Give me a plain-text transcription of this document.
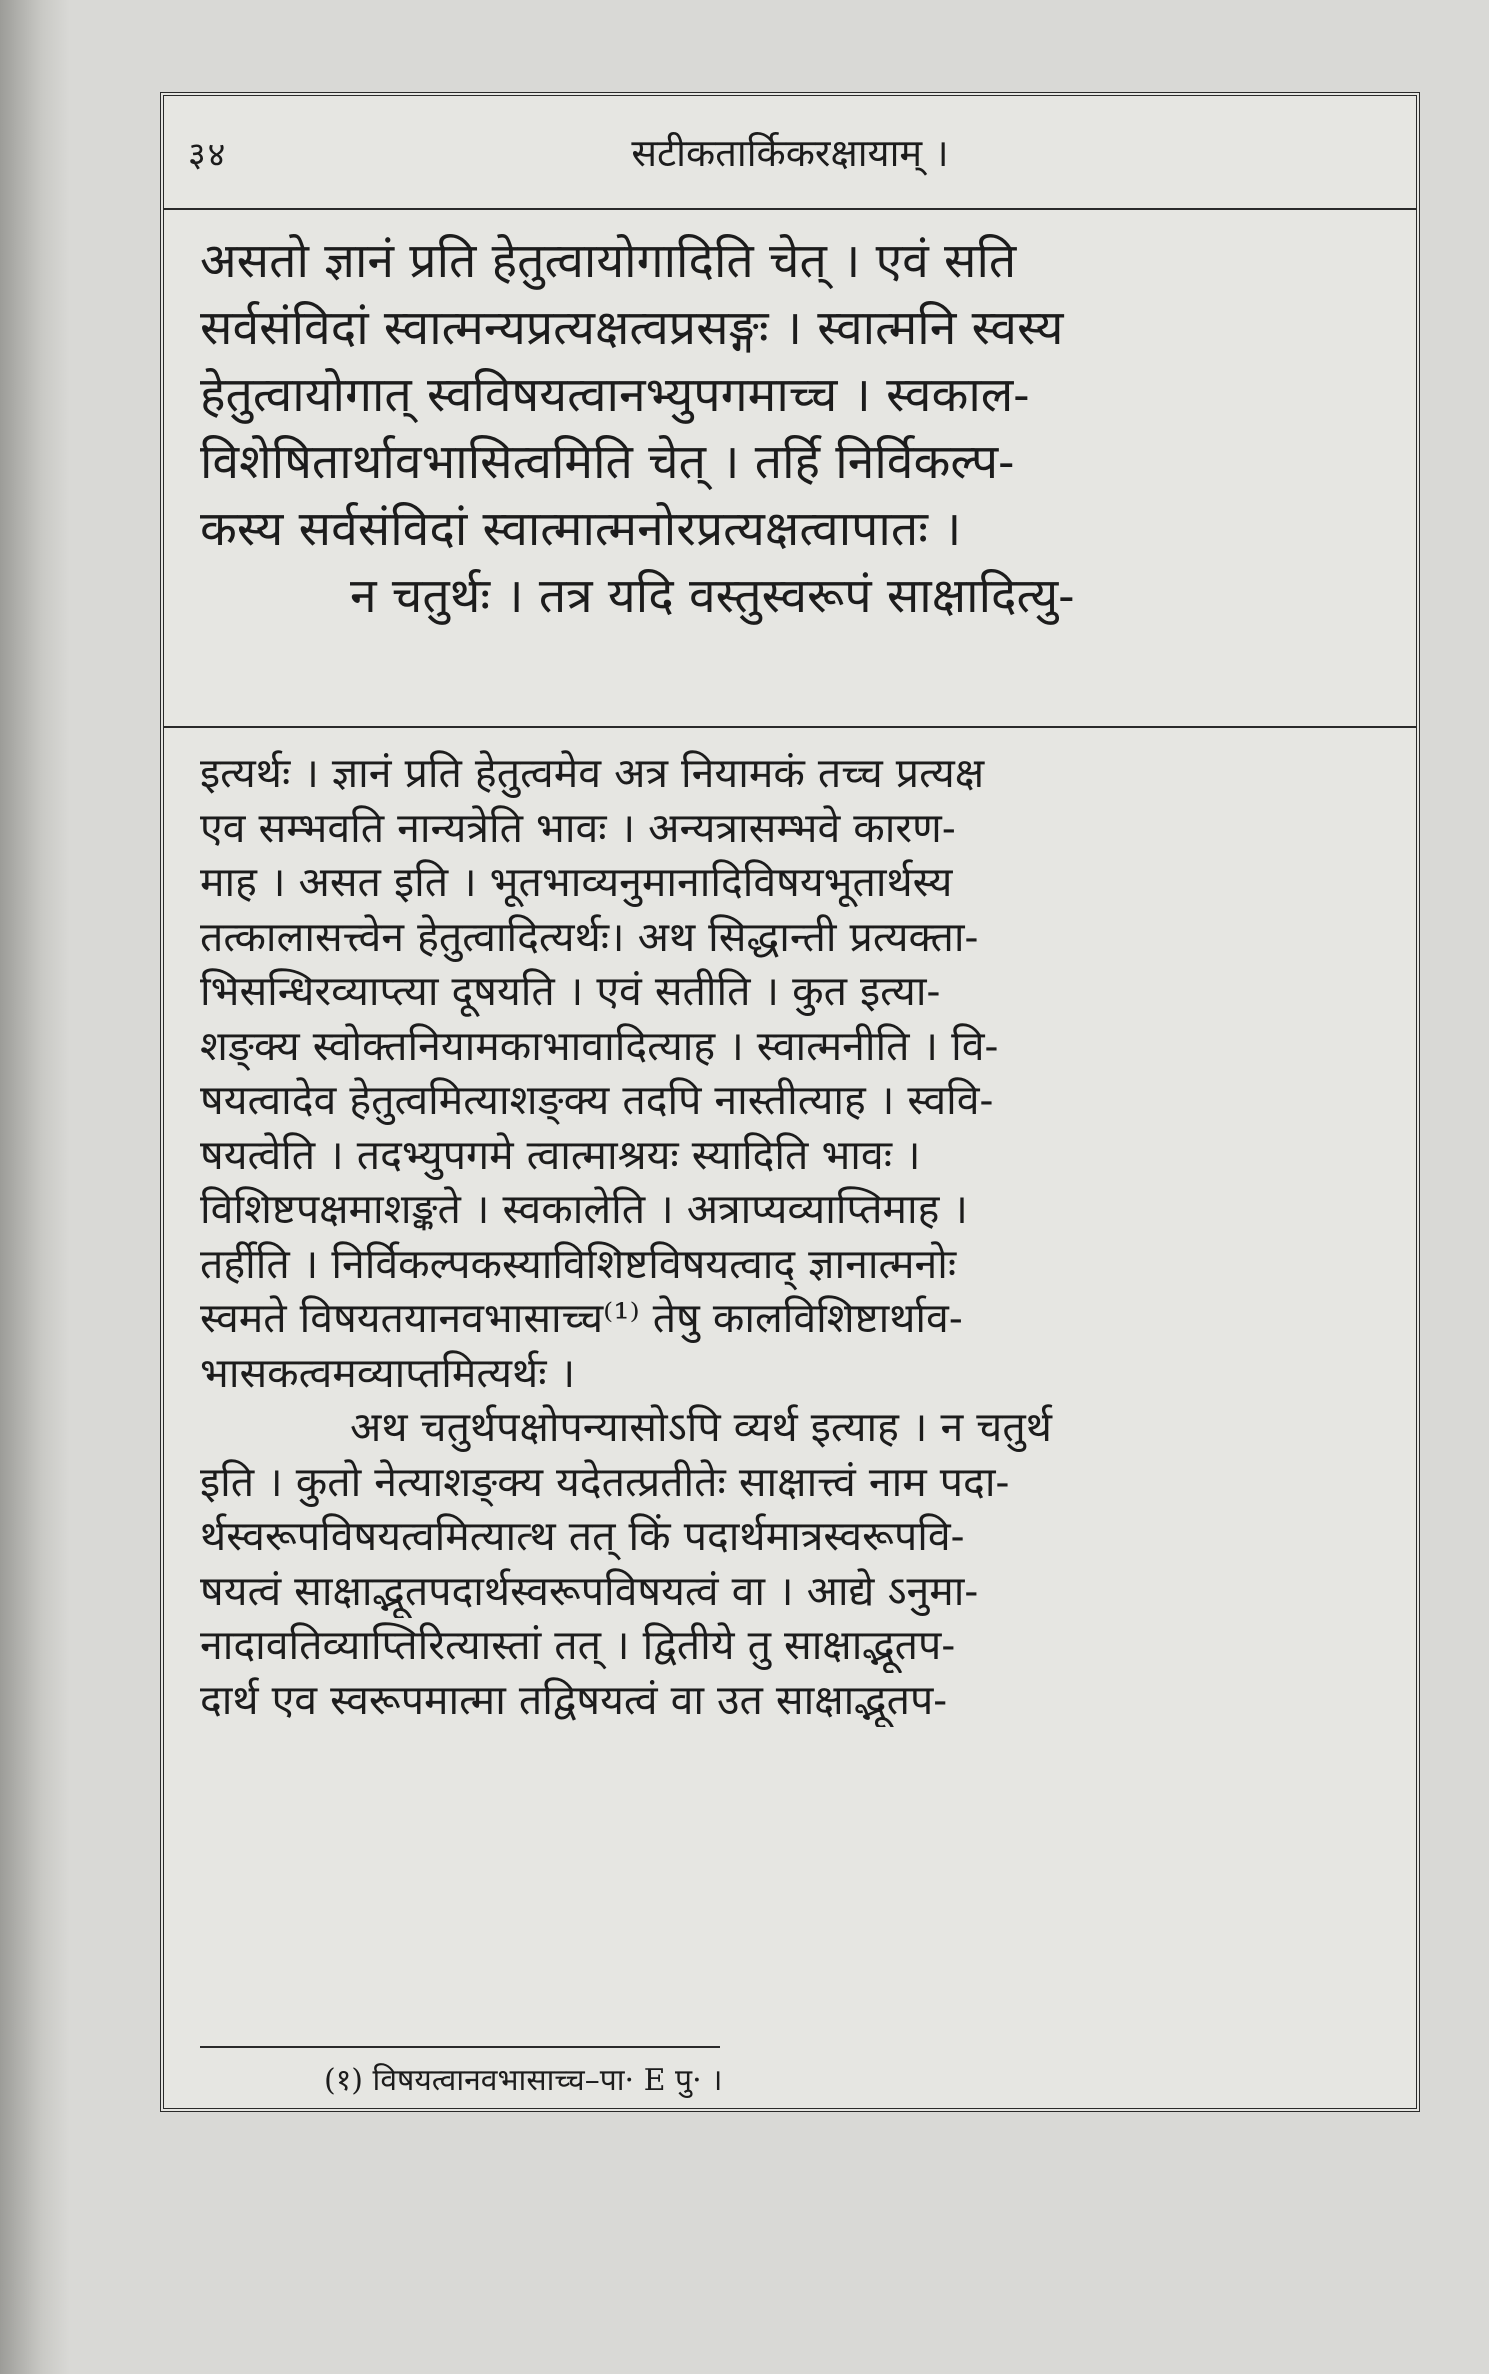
३४	सटीकतार्किकरक्षायाम् ।
असतो ज्ञानं प्रति हेतुत्वायोगादिति चेत् । एवं सति
सर्वसंविदां स्वात्मन्यप्रत्यक्षत्वप्रसङ्गः । स्वात्मनि स्वस्य
हेतुत्वायोगात् स्वविषयत्वानभ्युपगमाच्च । स्वकाल-
विशेषितार्थावभासित्वमिति चेत् । तर्हि निर्विकल्प-
कस्य सर्वसंविदां स्वात्मात्मनोरप्रत्यक्षत्वापातः ।
न चतुर्थः । तत्र यदि वस्तुस्वरूपं साक्षादित्यु-
इत्यर्थः । ज्ञानं प्रति हेतुत्वमेव अत्र नियामकं तच्च प्रत्यक्ष
एव सम्भवति नान्यत्रेति भावः । अन्यत्रासम्भवे कारण-
माह । असत इति । भूतभाव्यनुमानादिविषयभूतार्थस्य
तत्कालासत्त्वेन हेतुत्वादित्यर्थः। अथ सिद्धान्ती प्रत्यक्ता-
भिसन्धिरव्याप्त्या दूषयति । एवं सतीति । कुत इत्या-
शङ्क्य स्वोक्तनियामकाभावादित्याह । स्वात्मनीति । वि-
षयत्वादेव हेतुत्वमित्याशङ्क्य तदपि नास्तीत्याह । स्ववि-
षयत्वेति । तदभ्युपगमे त्वात्माश्रयः स्यादिति भावः ।
विशिष्टपक्षमाशङ्कते । स्वकालेति । अत्राप्यव्याप्तिमाह ।
तर्हीति । निर्विकल्पकस्याविशिष्टविषयत्वाद् ज्ञानात्मनोः
स्वमते विषयतयानवभासाच्च⁽¹⁾ तेषु कालविशिष्टार्थाव-
भासकत्वमव्याप्तमित्यर्थः ।
अथ चतुर्थपक्षोपन्यासोऽपि व्यर्थ इत्याह । न चतुर्थ
इति । कुतो नेत्याशङ्क्य यदेतत्प्रतीतेः साक्षात्त्वं नाम पदा-
र्थस्वरूपविषयत्वमित्यात्थ तत् किं पदार्थमात्रस्वरूपवि-
षयत्वं साक्षाद्भूतपदार्थस्वरूपविषयत्वं वा । आद्ये ऽनुमा-
नादावतिव्याप्तिरित्यास्तां तत् । द्वितीये तु साक्षाद्भूतप-
दार्थ एव स्वरूपमात्मा तद्विषयत्वं वा उत साक्षाद्भूतप-
(१) विषयत्वानवभासाच्च–पा· E पु· ।
